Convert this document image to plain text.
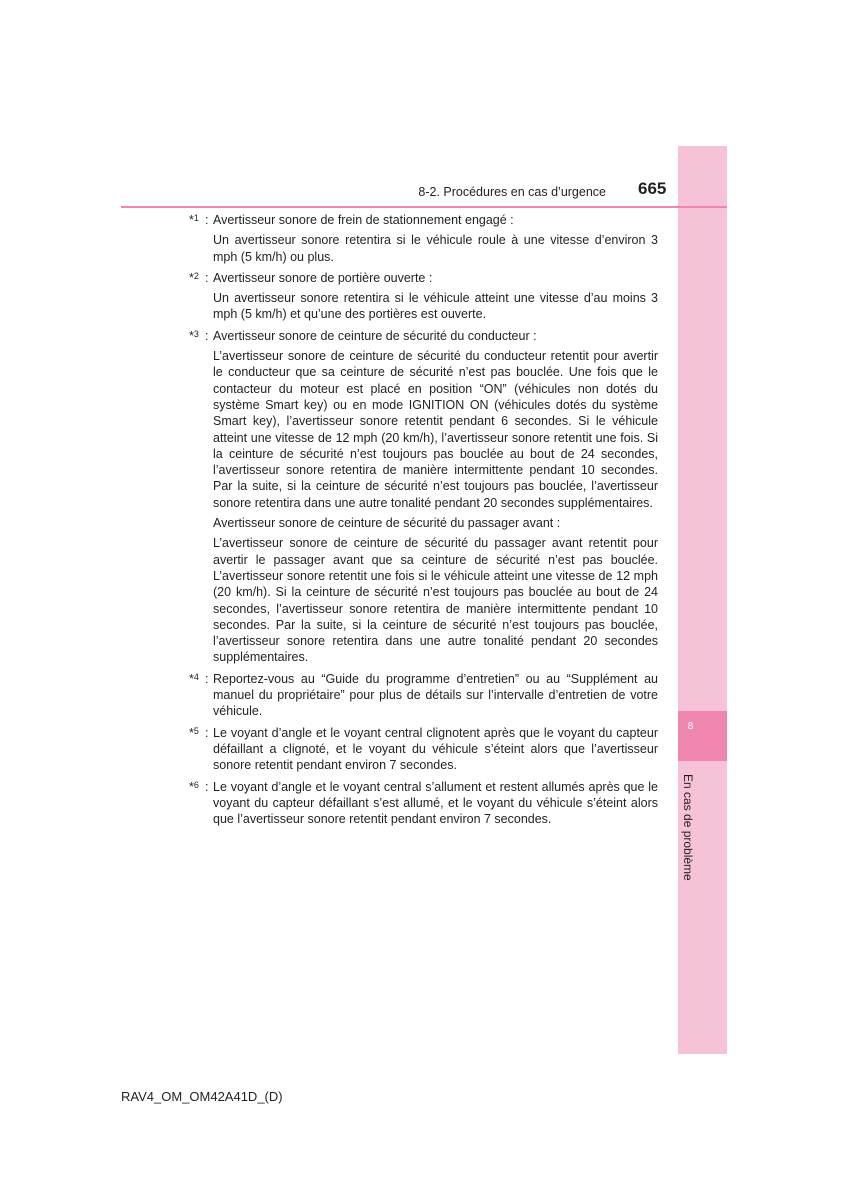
8
En cas de problème
8-2. Procédures en cas d’urgence 665
*$^1$ : Avertisseur sonore de frein de stationnement engagé :

Un avertisseur sonore retentira si le véhicule roule à une vitesse d’environ 3 mph (5 km/h) ou plus.

*$^2$ : Avertisseur sonore de portière ouverte :

Un avertisseur sonore retentira si le véhicule atteint une vitesse d’au moins 3 mph (5 km/h) et qu’une des portières est ouverte.

*$^3$ : Avertisseur sonore de ceinture de sécurité du conducteur :

L’avertisseur sonore de ceinture de sécurité du conducteur retentit pour avertir le conducteur que sa ceinture de sécurité n’est pas bouclée. Une fois que le contacteur du moteur est placé en position “ON” (véhicules non dotés du système Smart key) ou en mode IGNITION ON (véhicules dotés du système Smart key), l’avertisseur sonore retentit pendant 6 secondes. Si le véhicule atteint une vitesse de 12 mph (20 km/h), l’avertisseur sonore retentit une fois. Si la ceinture de sécurité n’est toujours pas bouclée au bout de 24 secondes, l’avertisseur sonore retentira de manière intermittente pendant 10 secondes. Par la suite, si la ceinture de sécurité n’est toujours pas bouclée, l’avertisseur sonore retentira dans une autre tonalité pendant 20 secondes supplémentaires.

Avertisseur sonore de ceinture de sécurité du passager avant :

L’avertisseur sonore de ceinture de sécurité du passager avant retentit pour avertir le passager avant que sa ceinture de sécurité n’est pas bouclée. L’avertisseur sonore retentit une fois si le véhicule atteint une vitesse de 12 mph (20 km/h). Si la ceinture de sécurité n’est toujours pas bouclée au bout de 24 secondes, l’avertisseur sonore retentira de manière intermittente pendant 10 secondes. Par la suite, si la ceinture de sécurité n’est toujours pas bouclée, l’avertisseur sonore retentira dans une autre tonalité pendant 20 secondes supplémentaires.

*$^4$ : Reportez-vous au “Guide du programme d’entretien” ou au “Supplément au manuel du propriétaire” pour plus de détails sur l’intervalle d’entretien de votre véhicule.

*$^5$ : Le voyant d’angle et le voyant central clignotent après que le voyant du capteur défaillant a clignoté, et le voyant du véhicule s’éteint alors que l’avertisseur sonore retentit pendant environ 7 secondes.

*$^6$ : Le voyant d’angle et le voyant central s’allument et restent allumés après que le voyant du capteur défaillant s’est allumé, et le voyant du véhicule s’éteint alors que l’avertisseur sonore retentit pendant environ 7 secondes.

RAV4_OM_OM42A41D_(D)
